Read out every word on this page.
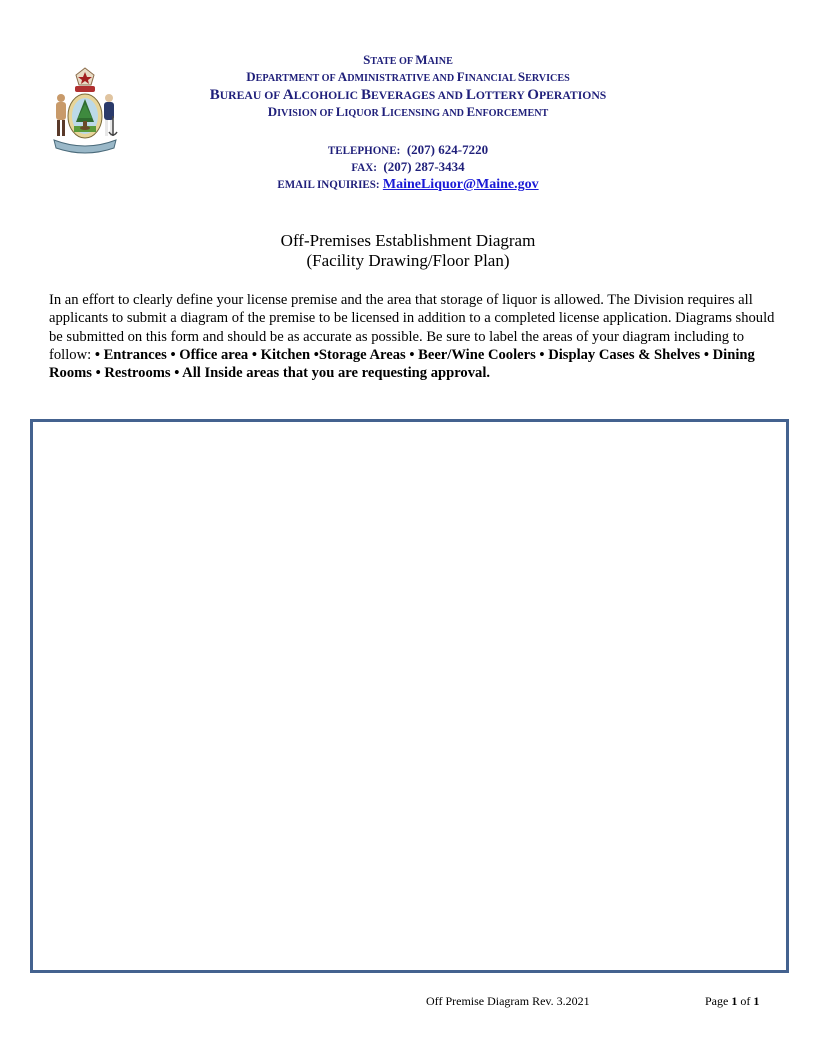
STATE OF MAINE
DEPARTMENT OF ADMINISTRATIVE AND FINANCIAL SERVICES
BUREAU OF ALCOHOLIC BEVERAGES AND LOTTERY OPERATIONS
DIVISION OF LIQUOR LICENSING AND ENFORCEMENT
TELEPHONE: (207) 624-7220
FAX: (207) 287-3434
EMAIL INQUIRIES: MaineLiquor@Maine.gov
Off-Premises Establishment Diagram
(Facility Drawing/Floor Plan)
In an effort to clearly define your license premise and the area that storage of liquor is allowed. The Division requires all applicants to submit a diagram of the premise to be licensed in addition to a completed license application. Diagrams should be submitted on this form and should be as accurate as possible. Be sure to label the areas of your diagram including to follow: • Entrances • Office area • Kitchen •Storage Areas • Beer/Wine Coolers • Display Cases & Shelves • Dining Rooms • Restrooms • All Inside areas that you are requesting approval.
Off Premise Diagram Rev. 3.2021	Page 1 of 1
